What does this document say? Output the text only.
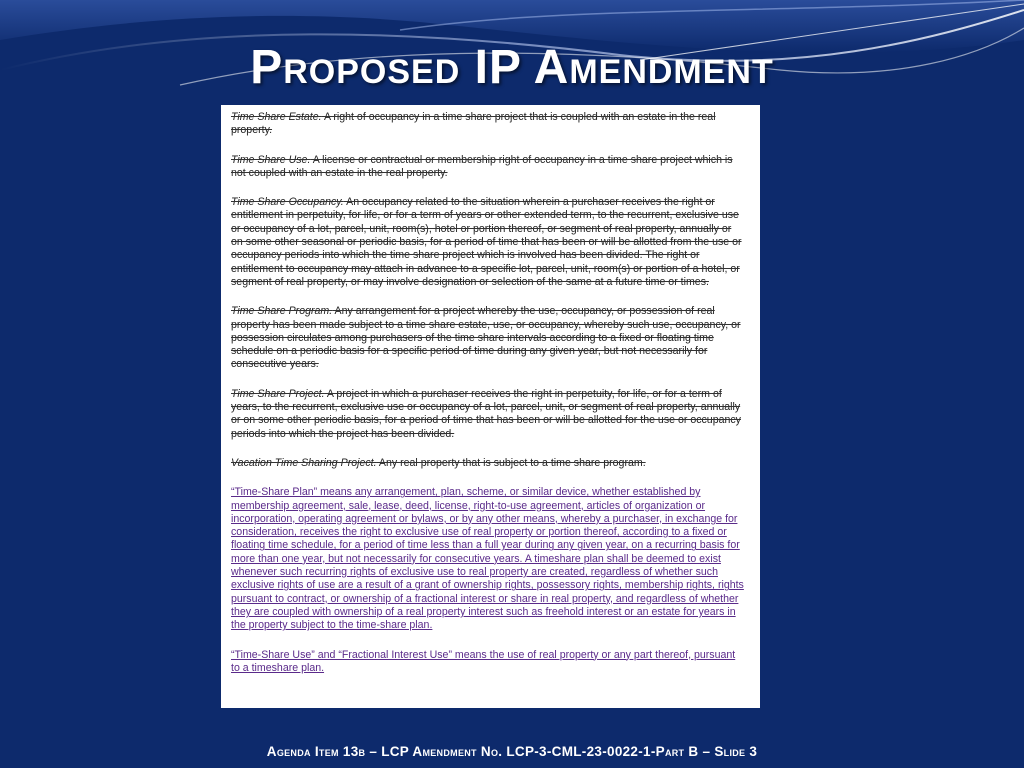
Proposed IP Amendment

Time Share Estate. A right of occupancy in a time share project that is coupled with an estate in the real property.

Time Share Use. A license or contractual or membership right of occupancy in a time share project which is not coupled with an estate in the real property.

Time Share Occupancy. An occupancy related to the situation wherein a purchaser receives the right or entitlement in perpetuity, for life, or for a term of years or other extended term, to the recurrent, exclusive use or occupancy of a lot, parcel, unit, room(s), hotel or portion thereof, or segment of real property, annually or on some other seasonal or periodic basis, for a period of time that has been or will be allotted from the use or occupancy periods into which the time share project which is involved has been divided. The right or entitlement to occupancy may attach in advance to a specific lot, parcel, unit, room(s) or portion of a hotel, or segment of real property, or may involve designation or selection of the same at a future time or times.

Time Share Program. Any arrangement for a project whereby the use, occupancy, or possession of real property has been made subject to a time share estate, use, or occupancy, whereby such use, occupancy, or possession circulates among purchasers of the time share intervals according to a fixed or floating time schedule on a periodic basis for a specific period of time during any given year, but not necessarily for consecutive years.

Time Share Project. A project in which a purchaser receives the right in perpetuity, for life, or for a term of years, to the recurrent, exclusive use or occupancy of a lot, parcel, unit, or segment of real property, annually or on some other periodic basis, for a period of time that has been or will be allotted for the use or occupancy periods into which the project has been divided.

Vacation Time Sharing Project. Any real property that is subject to a time share program.

“Time-Share Plan” means any arrangement, plan, scheme, or similar device, whether established by membership agreement, sale, lease, deed, license, right-to-use agreement, articles of organization or incorporation, operating agreement or bylaws, or by any other means, whereby a purchaser, in exchange for consideration, receives the right to exclusive use of real property or portion thereof, according to a fixed or floating time schedule, for a period of time less than a full year during any given year, on a recurring basis for more than one year, but not necessarily for consecutive years. A timeshare plan shall be deemed to exist whenever such recurring rights of exclusive use to real property are created, regardless of whether such exclusive rights of use are a result of a grant of ownership rights, possessory rights, membership rights, rights pursuant to contract, or ownership of a fractional interest or share in real property, and regardless of whether they are coupled with ownership of a real property interest such as freehold interest or an estate for years in the property subject to the time-share plan.

“Time-Share Use” and “Fractional Interest Use” means the use of real property or any part thereof, pursuant to a timeshare plan.

Agenda Item 13b – LCP Amendment No. LCP-3-CML-23-0022-1-Part B – Slide 3
